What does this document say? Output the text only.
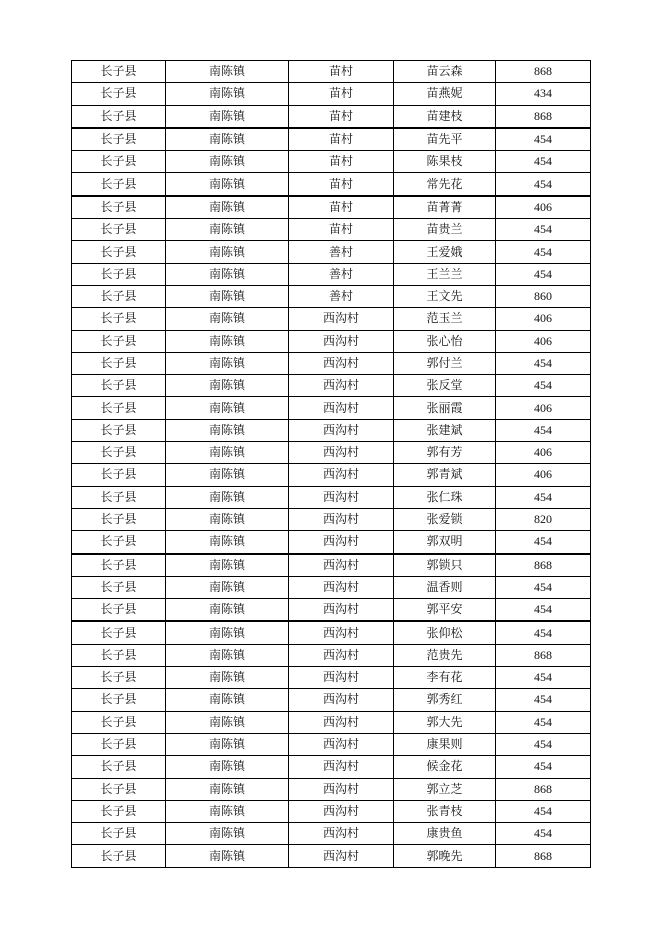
长子县	南陈镇	苗村	苗云森	868
长子县	南陈镇	苗村	苗燕妮	434
长子县	南陈镇	苗村	苗建枝	868
长子县	南陈镇	苗村	苗先平	454
长子县	南陈镇	苗村	陈果枝	454
长子县	南陈镇	苗村	常先花	454
长子县	南陈镇	苗村	苗菁菁	406
长子县	南陈镇	苗村	苗贵兰	454
长子县	南陈镇	善村	王爱娥	454
长子县	南陈镇	善村	王兰兰	454
长子县	南陈镇	善村	王文先	860
长子县	南陈镇	西沟村	范玉兰	406
长子县	南陈镇	西沟村	张心怡	406
长子县	南陈镇	西沟村	郭付兰	454
长子县	南陈镇	西沟村	张反堂	454
长子县	南陈镇	西沟村	张丽霞	406
长子县	南陈镇	西沟村	张建斌	454
长子县	南陈镇	西沟村	郭有芳	406
长子县	南陈镇	西沟村	郭青斌	406
长子县	南陈镇	西沟村	张仁珠	454
长子县	南陈镇	西沟村	张爱锁	820
长子县	南陈镇	西沟村	郭双明	454
长子县	南陈镇	西沟村	郭锁只	868
长子县	南陈镇	西沟村	温香则	454
长子县	南陈镇	西沟村	郭平安	454
长子县	南陈镇	西沟村	张仰松	454
长子县	南陈镇	西沟村	范贵先	868
长子县	南陈镇	西沟村	李有花	454
长子县	南陈镇	西沟村	郭秀红	454
长子县	南陈镇	西沟村	郭大先	454
长子县	南陈镇	西沟村	康果则	454
长子县	南陈镇	西沟村	候金花	454
长子县	南陈镇	西沟村	郭立芝	868
长子县	南陈镇	西沟村	张青枝	454
长子县	南陈镇	西沟村	康贵鱼	454
长子县	南陈镇	西沟村	郭晚先	868
